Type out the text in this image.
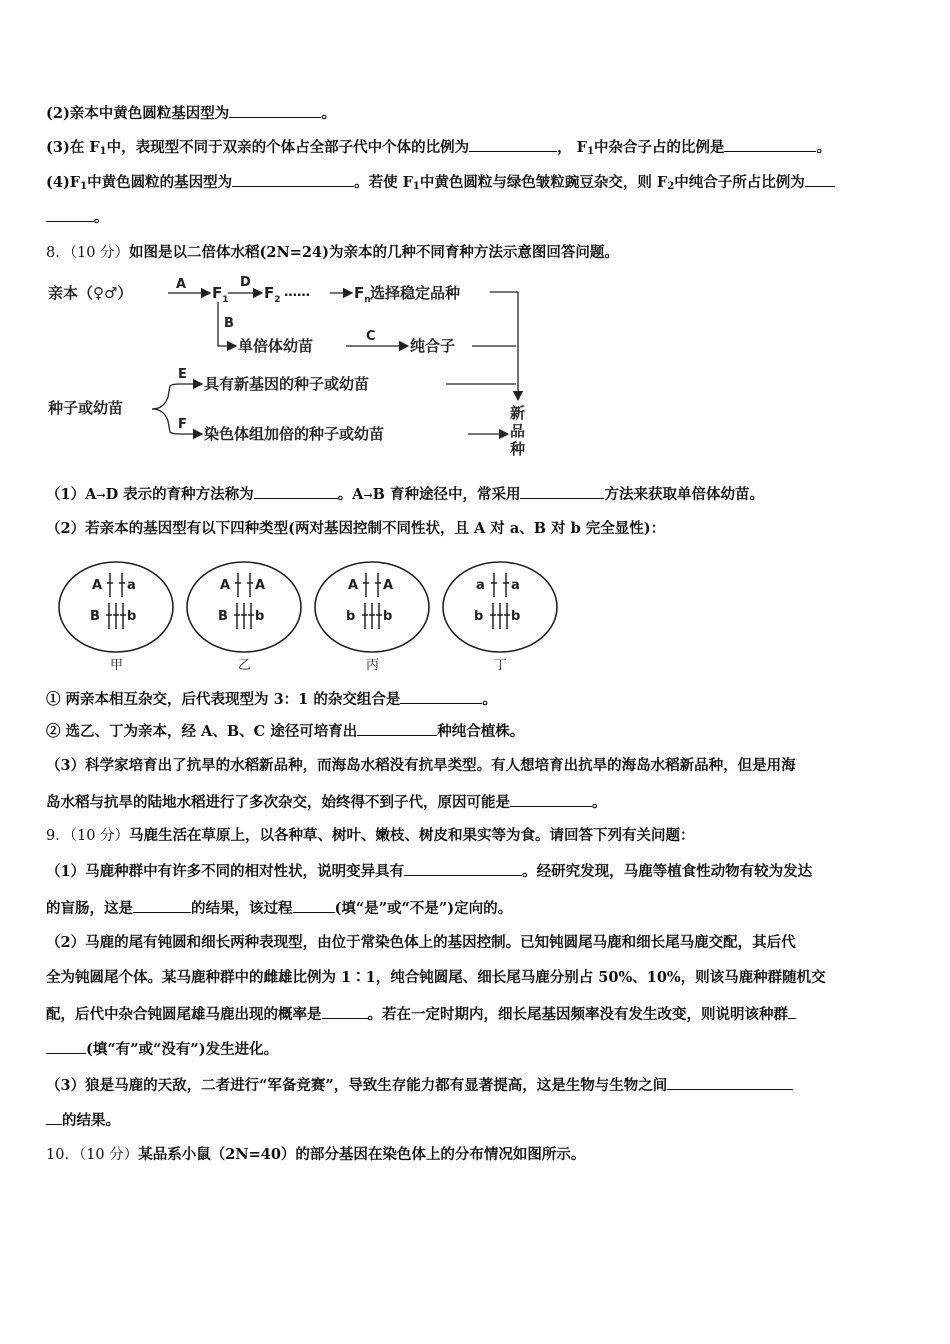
(2)亲本中黄色圆粒基因型为	。
(3)在 $F_1$中，表现型不同于双亲的个体占全部子代中个体的比例为	， $F_1$中杂合子占的比例是	。
$(4)F_1$中黄色圆粒的基因型为	。若使 $F_1$中黄色圆粒与绿色皱粒豌豆杂交，则 $F_2$中纯合子所占比例为
。
8．（10 分）如图是以二倍体水稻(2N=24)为亲本的几种不同育种方法示意图回答问题。
亲本（♀♂）	A $F_1$
D
$F_2$ ……	$F_n$ 选择稳定品种
B
单倍体幼苗
C
纯合子
种子或幼苗
E
具有新基因的种子或幼苗
F
染色体组加倍的种子或幼苗
新
品
种
（1）A→D 表示的育种方法称为	。A→B 育种途径中，常采用	方法来获取单倍体幼苗。
（2）若亲本的基因型有以下四种类型(两对基因控制不同性状，且 A 对 a、B 对 b 完全显性)：
A a
B b
甲
A A
B b
乙
A A
b b
丙
a a
b b
丁
① 两亲本相互杂交，后代表现型为 3：1 的杂交组合是	。
② 选乙、丁为亲本，经 A、B、C 途径可培育出	种纯合植株。
（3）科学家培育出了抗旱的水稻新品种，而海岛水稻没有抗旱类型。有人想培育出抗旱的海岛水稻新品种，但是用海
岛水稻与抗旱的陆地水稻进行了多次杂交，始终得不到子代，原因可能是	。
9．（10 分）马鹿生活在草原上，以各种草、树叶、嫩枝、树皮和果实等为食。请回答下列有关问题：
（1）马鹿种群中有许多不同的相对性状，说明变异具有	。经研究发现，马鹿等植食性动物有较为发达
的盲肠，这是	的结果，该过程	(填“是”或“不是”)定向的。
（2）马鹿的尾有钝圆和细长两种表现型，由位于常染色体上的基因控制。已知钝圆尾马鹿和细长尾马鹿交配，其后代
全为钝圆尾个体。某马鹿种群中的雌雄比例为 1∶1，纯合钝圆尾、细长尾马鹿分别占 50%、10%，则该马鹿种群随机交
配，后代中杂合钝圆尾雄马鹿出现的概率是	。若在一定时期内，细长尾基因频率没有发生改变，则说明该种群
(填“有”或“没有”)发生进化。
（3）狼是马鹿的天敌，二者进行“军备竞赛”，导致生存能力都有显著提高，这是生物与生物之间
的结果。
10．（10 分）某品系小鼠（2N=40）的部分基因在染色体上的分布情况如图所示。
